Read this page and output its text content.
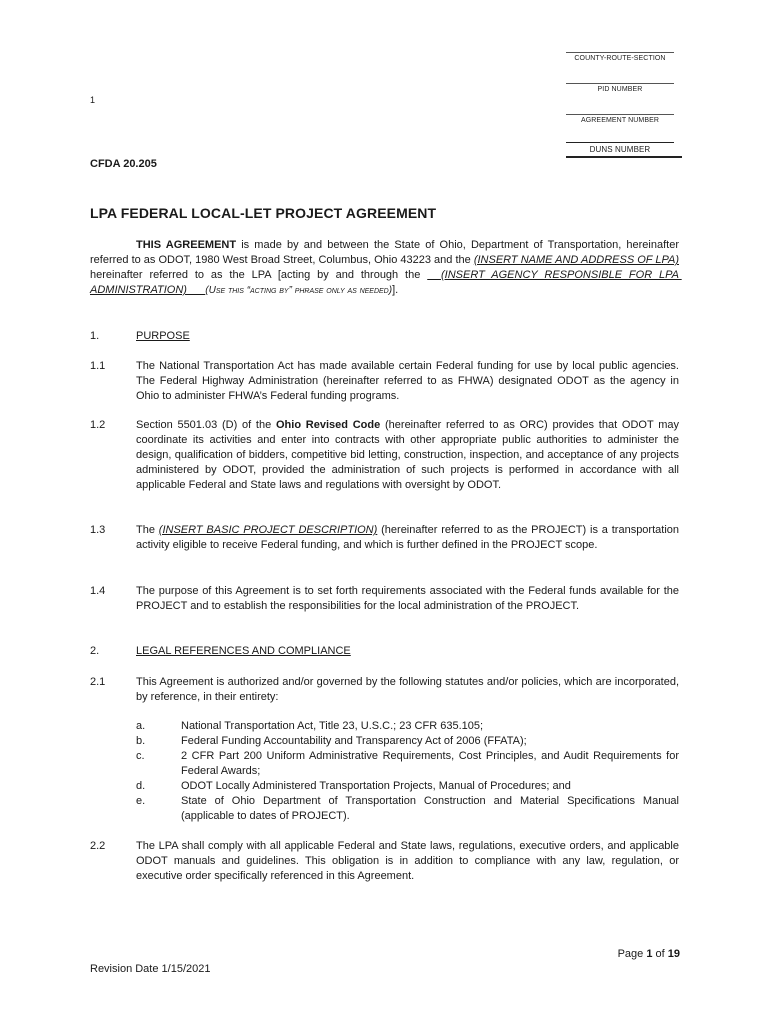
COUNTY-ROUTE-SECTION
PID NUMBER
AGREEMENT NUMBER
DUNS NUMBER
1
CFDA 20.205
LPA FEDERAL LOCAL-LET PROJECT AGREEMENT
THIS AGREEMENT is made by and between the State of Ohio, Department of Transportation, hereinafter referred to as ODOT, 1980 West Broad Street, Columbus, Ohio 43223 and the (INSERT NAME AND ADDRESS OF LPA) hereinafter referred to as the LPA [acting by and through the   (INSERT AGENCY RESPONSIBLE FOR LPA ADMINISTRATION)      (Use this “acting by” phrase only as needed)].
1.	PURPOSE
1.1	The National Transportation Act has made available certain Federal funding for use by local public agencies. The Federal Highway Administration (hereinafter referred to as FHWA) designated ODOT as the agency in Ohio to administer FHWA’s Federal funding programs.
1.2	Section 5501.03 (D) of the Ohio Revised Code (hereinafter referred to as ORC) provides that ODOT may coordinate its activities and enter into contracts with other appropriate public authorities to administer the design, qualification of bidders, competitive bid letting, construction, inspection, and acceptance of any projects administered by ODOT, provided the administration of such projects is performed in accordance with all applicable Federal and State laws and regulations with oversight by ODOT.
1.3	The (INSERT BASIC PROJECT DESCRIPTION) (hereinafter referred to as the PROJECT) is a transportation activity eligible to receive Federal funding, and which is further defined in the PROJECT scope.
1.4	The purpose of this Agreement is to set forth requirements associated with the Federal funds available for the PROJECT and to establish the responsibilities for the local administration of the PROJECT.
2.	LEGAL REFERENCES AND COMPLIANCE
2.1	This Agreement is authorized and/or governed by the following statutes and/or policies, which are incorporated, by reference, in their entirety:
a.	National Transportation Act, Title 23, U.S.C.; 23 CFR 635.105;
b.	Federal Funding Accountability and Transparency Act of 2006 (FFATA);
c.	2 CFR Part 200 Uniform Administrative Requirements, Cost Principles, and Audit Requirements for Federal Awards;
d.	ODOT Locally Administered Transportation Projects, Manual of Procedures; and
e.	State of Ohio Department of Transportation Construction and Material Specifications Manual (applicable to dates of PROJECT).
2.2	The LPA shall comply with all applicable Federal and State laws, regulations, executive orders, and applicable ODOT manuals and guidelines. This obligation is in addition to compliance with any law, regulation, or executive order specifically referenced in this Agreement.
Page 1 of 19
Revision Date 1/15/2021
